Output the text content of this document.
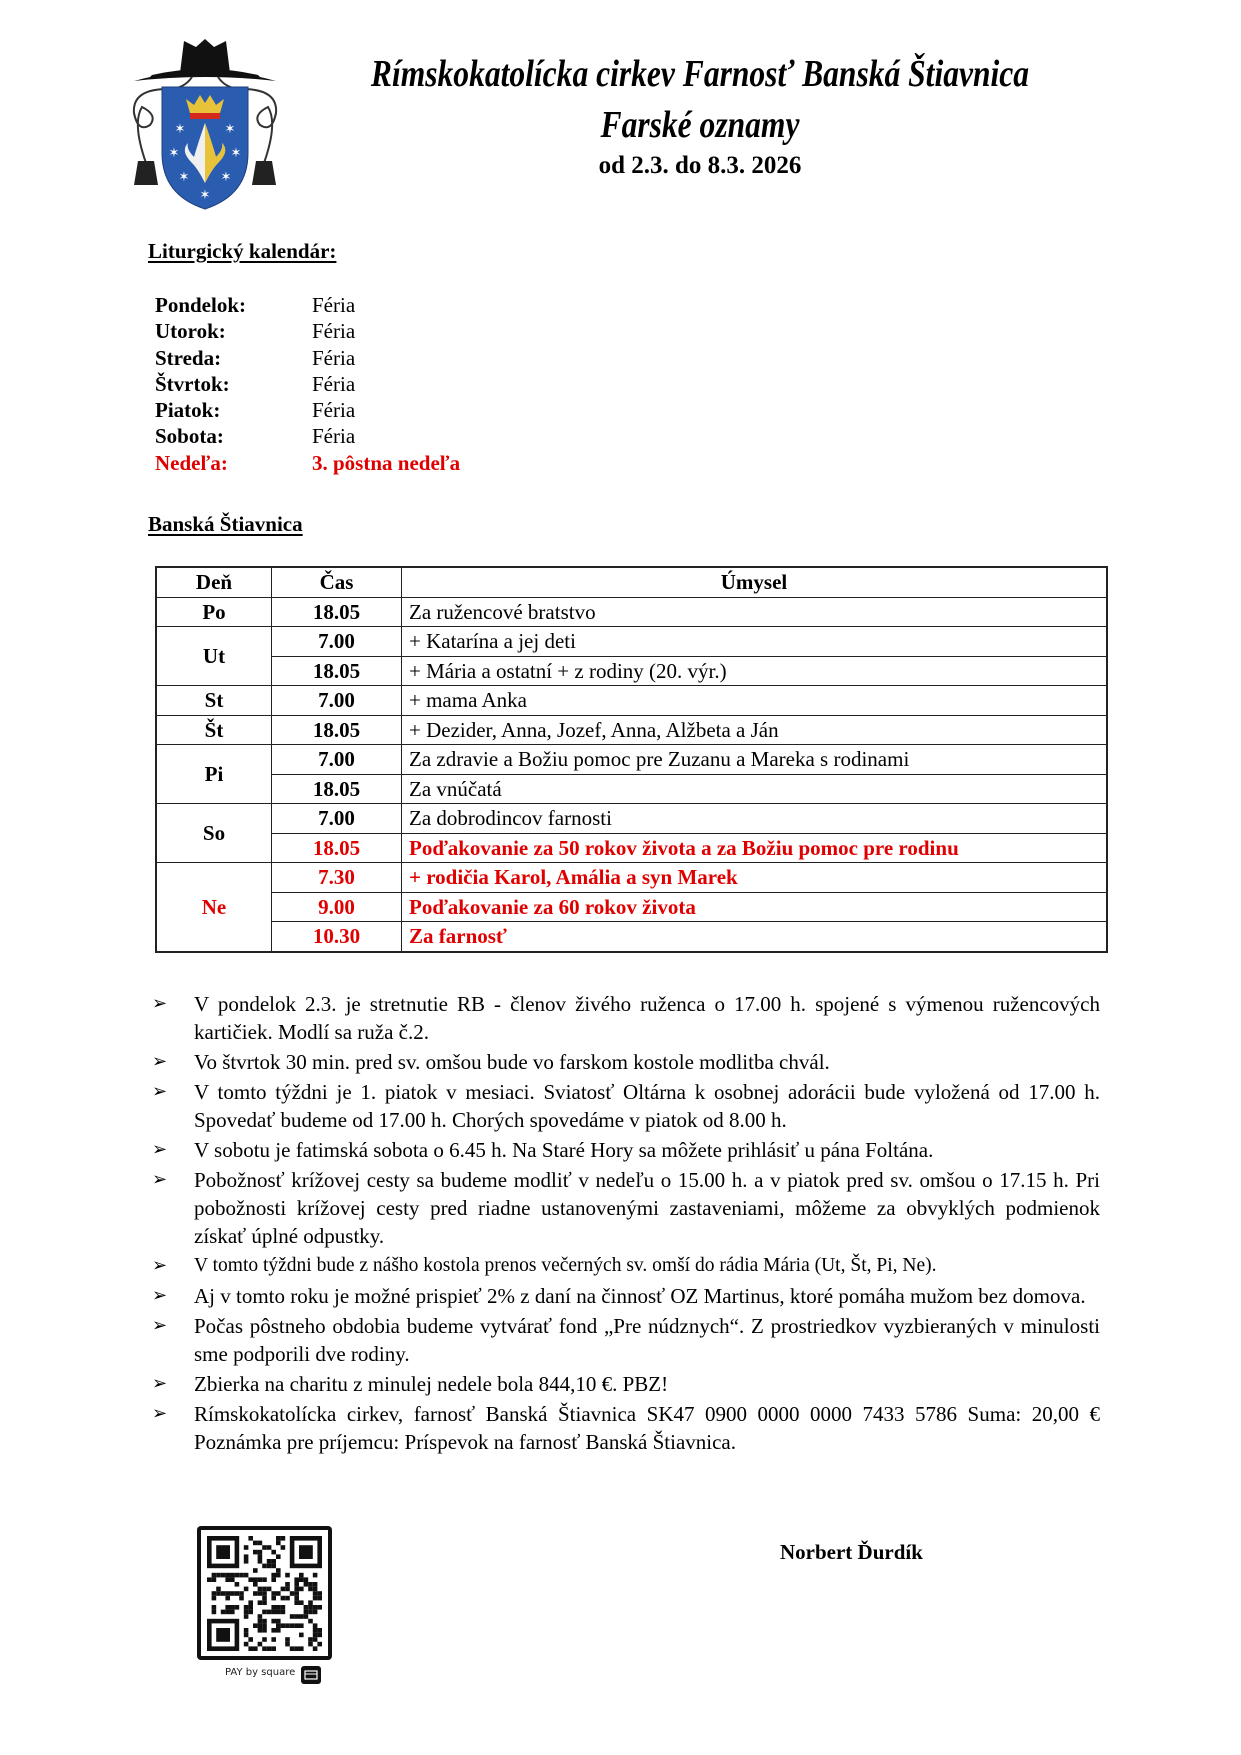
✶	✶
✶	✶
✶ ✶
✶
Rímskokatolícka cirkev Farnosť Banská Štiavnica
Farské oznamy
od 2.3. do 8.3. 2026
Liturgický kalendár:
Pondelok:	Féria
Utorok:	Féria
Streda:	Féria
Štvrtok:	Féria
Piatok:	Féria
Sobota:	Féria
Nedeľa:	3. pôstna nedeľa
Banská Štiavnica
Deň	Čas	Úmysel
Po	18.05	Za ružencové bratstvo
Ut	7.00	+ Katarína a jej deti
	18.05	+ Mária a ostatní + z rodiny (20. výr.)
St	7.00	+ mama Anka
Št	18.05	+ Dezider, Anna, Jozef, Anna, Alžbeta a Ján
Pi	7.00	Za zdravie a Božiu pomoc pre Zuzanu a Mareka s rodinami
	18.05	Za vnúčatá
So	7.00	Za dobrodincov farnosti
	18.05	Poďakovanie za 50 rokov života a za Božiu pomoc pre rodinu
Ne	7.30	+ rodičia Karol, Amália a syn Marek
	9.00	Poďakovanie za 60 rokov života
	10.30	Za farnosť
➢	V pondelok 2.3. je stretnutie RB - členov živého ruženca o 17.00 h. spojené s výmenou ružencových kartičiek. Modlí sa ruža č.2.
➢	Vo štvrtok 30 min. pred sv. omšou bude vo farskom kostole modlitba chvál.
➢	V tomto týždni je 1. piatok v mesiaci. Sviatosť Oltárna k osobnej adorácii bude vyložená od 17.00 h. Spovedať budeme od 17.00 h. Chorých spovedáme v piatok od 8.00 h.
➢	V sobotu je fatimská sobota o 6.45 h. Na Staré Hory sa môžete prihlásiť u pána Foltána.
➢	Pobožnosť krížovej cesty sa budeme modliť v nedeľu o 15.00 h. a v piatok pred sv. omšou o 17.15 h. Pri pobožnosti krížovej cesty pred riadne ustanovenými zastaveniami, môžeme za obvyklých podmienok získať úplné odpustky.
➢	V tomto týždni bude z nášho kostola prenos večerných sv. omší do rádia Mária (Ut, Št, Pi, Ne).
➢	Aj v tomto roku je možné prispieť 2% z daní na činnosť OZ Martinus, ktoré pomáha mužom bez domova.
➢	Počas pôstneho obdobia budeme vytvárať fond „Pre núdznych“. Z prostriedkov vyzbieraných v minulosti sme podporili dve rodiny.
➢	Zbierka na charitu z minulej nedele bola 844,10 €. PBZ!
➢	Rímskokatolícka cirkev, farnosť Banská Štiavnica SK47 0900 0000 0000 7433 5786 Suma: 20,00 € Poznámka pre príjemcu: Príspevok na farnosť Banská Štiavnica.
PAY by square
Norbert Ďurdík
